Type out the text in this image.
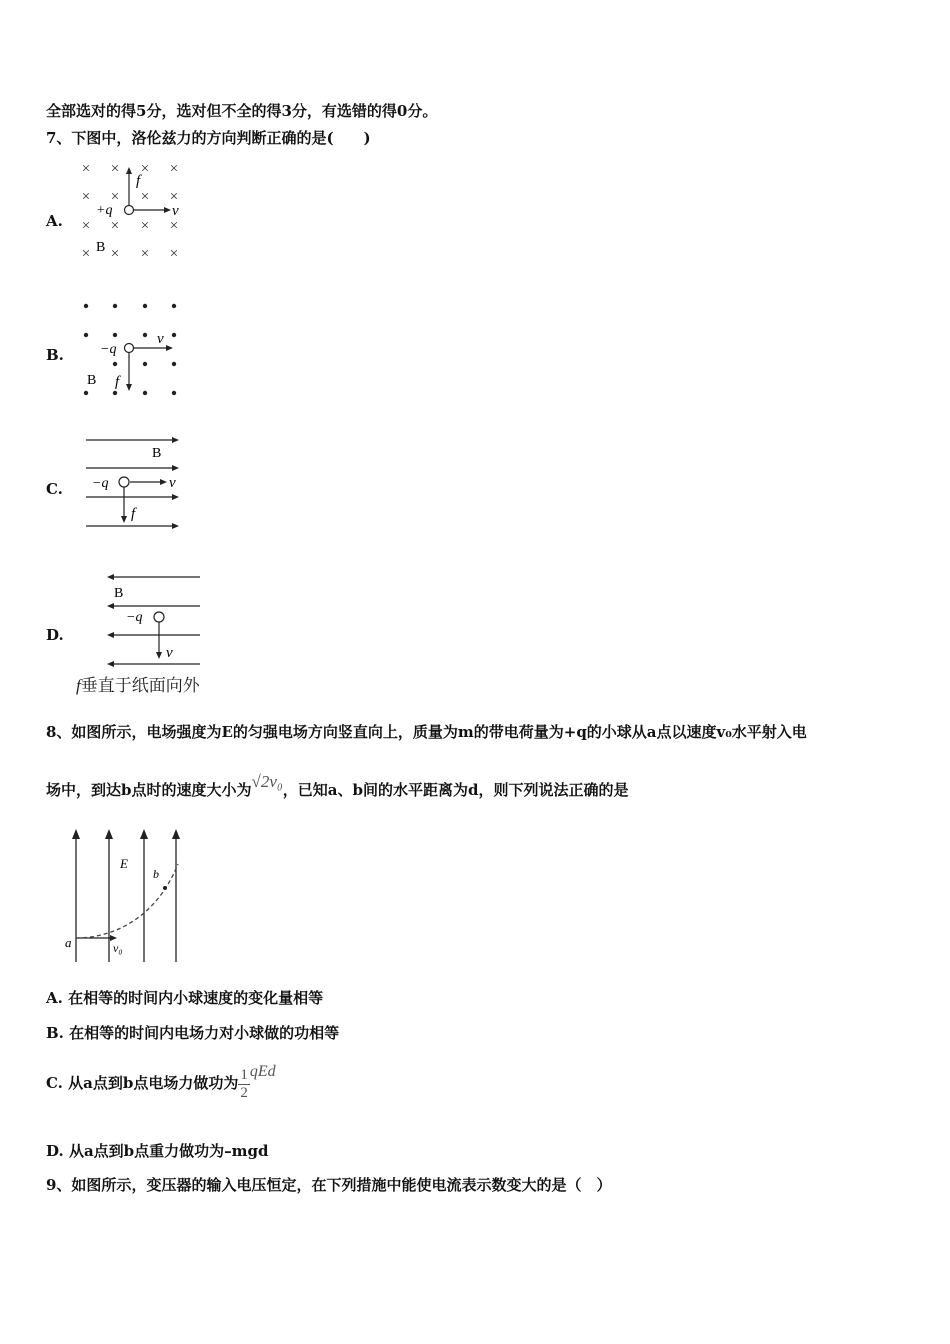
全部选对的得5分，选对但不全的得3分，有选错的得0分。
7、下图中，洛伦兹力的方向判断正确的是(　　)
A.
× × × ×
× × × ×
× × × ×
× × × ×
f
v
+q
B
B.
v
−q
B f
C.
B
−q	v
f
D.
B
−q
v
f垂直于纸面向外
8、如图所示，电场强度为E的匀强电场方向竖直向上，质量为m的带电荷量为+q的小球从a点以速度v₀水平射入电
场中，到达b点时的速度大小为√2v₀，已知a、b间的水平距离为d，则下列说法正确的是
E
a
b
v₀
A. 在相等的时间内小球速度的变化量相等
B. 在相等的时间内电场力对小球做的功相等
C. 从a点到b点电场力做功为 $\frac{1}{2}$ qEd
D. 从a点到b点重力做功为–mgd
9、如图所示，变压器的输入电压恒定，在下列措施中能使电流表示数变大的是（　）
